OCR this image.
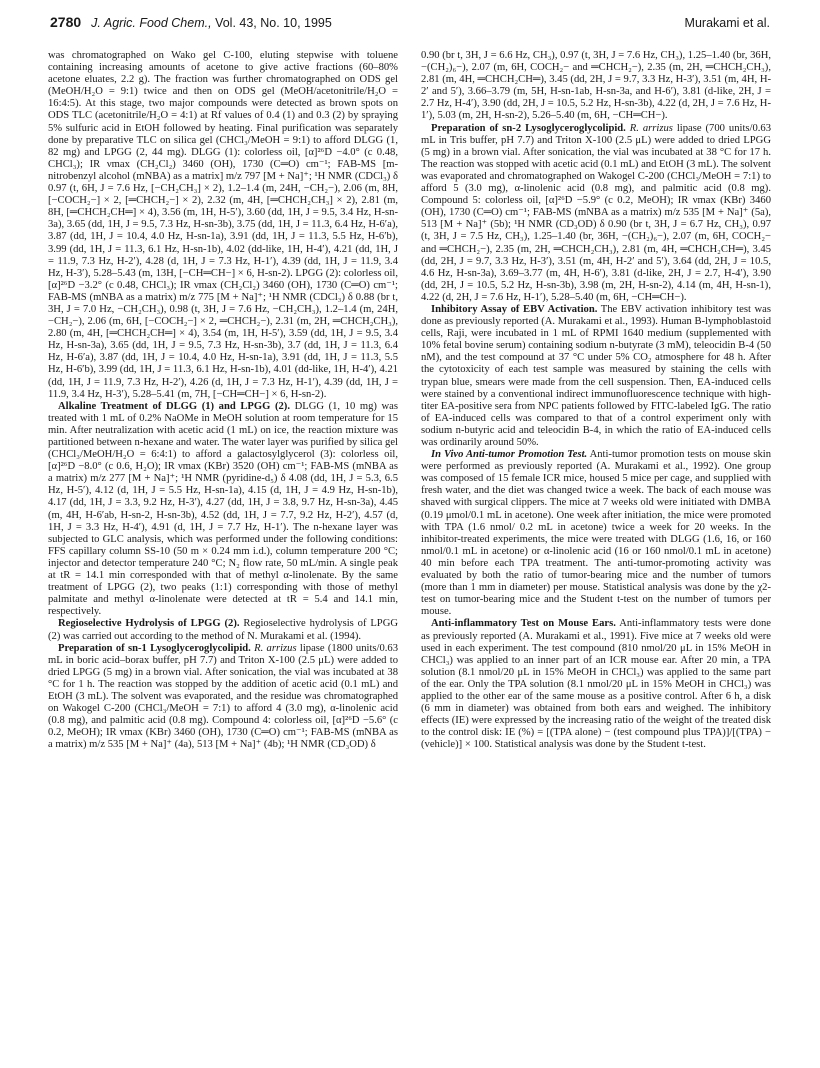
2780 J. Agric. Food Chem., Vol. 43, No. 10, 1995	Murakami et al.

was chromatographed on Wako gel C-100, eluting stepwise with toluene containing increasing amounts of acetone to give active fractions (60–80% acetone eluates, 2.2 g). The fraction was further chromatographed on ODS gel (MeOH/H₂O = 9:1) twice and then on ODS gel (MeOH/acetonitrile/H₂O = 16:4:5). At this stage, two major compounds were detected as brown spots on ODS TLC (acetonitrile/H₂O = 4:1) at Rf values of 0.4 (1) and 0.3 (2) by spraying 5% sulfuric acid in EtOH followed by heating. Final purification was separately done by preparative TLC on silica gel (CHCl₃/MeOH = 9:1) to afford DLGG (1, 82 mg) and LPGG (2, 44 mg). DLGG (1): colorless oil, [α]²⁶D −4.0° (c 0.48, CHCl₃); IR νmax (CH₂Cl₂) 3460 (OH), 1730 (C═O) cm⁻¹; FAB-MS [m-nitrobenzyl alcohol (mNBA) as a matrix] m/z 797 [M + Na]⁺; ¹H NMR (CDCl₃) δ 0.97 (t, 6H, J = 7.6 Hz, [−CH₂CH₃] × 2), 1.2–1.4 (m, 24H, −CH₂−), 2.06 (m, 8H, [−COCH₂−] × 2, [═CHCH₂−] × 2), 2.32 (m, 4H, [═CHCH₂CH₃] × 2), 2.81 (m, 8H, [═CHCH₂CH═] × 4), 3.56 (m, 1H, H-5′), 3.60 (dd, 1H, J = 9.5, 3.4 Hz, H-sn-3a), 3.65 (dd, 1H, J = 9.5, 7.3 Hz, H-sn-3b), 3.75 (dd, 1H, J = 11.3, 6.4 Hz, H-6′a), 3.87 (dd, 1H, J = 10.4, 4.0 Hz, H-sn-1a), 3.91 (dd, 1H, J = 11.3, 5.5 Hz, H-6′b), 3.99 (dd, 1H, J = 11.3, 6.1 Hz, H-sn-1b), 4.02 (dd-like, 1H, H-4′), 4.21 (dd, 1H, J = 11.9, 7.3 Hz, H-2′), 4.28 (d, 1H, J = 7.3 Hz, H-1′), 4.39 (dd, 1H, J = 11.9, 3.4 Hz, H-3′), 5.28–5.43 (m, 13H, [−CH═CH−] × 6, H-sn-2). LPGG (2): colorless oil, [α]²⁶D −3.2° (c 0.48, CHCl₃); IR νmax (CH₂Cl₂) 3460 (OH), 1730 (C═O) cm⁻¹; FAB-MS (mNBA as a matrix) m/z 775 [M + Na]⁺; ¹H NMR (CDCl₃) δ 0.88 (br t, 3H, J = 7.0 Hz, −CH₂CH₃), 0.98 (t, 3H, J = 7.6 Hz, −CH₂CH₃), 1.2–1.4 (m, 24H, −CH₂−), 2.06 (m, 6H, [−COCH₂−] × 2, ═CHCH₂−), 2.31 (m, 2H, ═CHCH₂CH₃), 2.80 (m, 4H, [═CHCH₂CH═] × 4), 3.54 (m, 1H, H-5′), 3.59 (dd, 1H, J = 9.5, 3.4 Hz, H-sn-3a), 3.65 (dd, 1H, J = 9.5, 7.3 Hz, H-sn-3b), 3.7 (dd, 1H, J = 11.3, 6.4 Hz, H-6′a), 3.87 (dd, 1H, J = 10.4, 4.0 Hz, H-sn-1a), 3.91 (dd, 1H, J = 11.3, 5.5 Hz, H-6′b), 3.99 (dd, 1H, J = 11.3, 6.1 Hz, H-sn-1b), 4.01 (dd-like, 1H, H-4′), 4.21 (dd, 1H, J = 11.9, 7.3 Hz, H-2′), 4.26 (d, 1H, J = 7.3 Hz, H-1′), 4.39 (dd, 1H, J = 11.9, 3.4 Hz, H-3′), 5.28–5.41 (m, 7H, [−CH═CH−] × 6, H-sn-2).

Alkaline Treatment of DLGG (1) and LPGG (2). DLGG (1, 10 mg) was treated with 1 mL of 0.2% NaOMe in MeOH solution at room temperature for 15 min. After neutralization with acetic acid (1 mL) on ice, the reaction mixture was partitioned between n-hexane and water. The water layer was purified by silica gel (CHCl₃/MeOH/H₂O = 6:4:1) to afford a galactosylglycerol (3): colorless oil, [α]²⁶D −8.0° (c 0.6, H₂O); IR νmax (KBr) 3520 (OH) cm⁻¹; FAB-MS (mNBA as a matrix) m/z 277 [M + Na]⁺; ¹H NMR (pyridine-d₅) δ 4.08 (dd, 1H, J = 5.3, 6.5 Hz, H-5′), 4.12 (d, 1H, J = 5.5 Hz, H-sn-1a), 4.15 (d, 1H, J = 4.9 Hz, H-sn-1b), 4.17 (dd, 1H, J = 3.3, 9.2 Hz, H-3′), 4.27 (dd, 1H, J = 3.8, 9.7 Hz, H-sn-3a), 4.45 (m, 4H, H-6′ab, H-sn-2, H-sn-3b), 4.52 (dd, 1H, J = 7.7, 9.2 Hz, H-2′), 4.57 (d, 1H, J = 3.3 Hz, H-4′), 4.91 (d, 1H, J = 7.7 Hz, H-1′). The n-hexane layer was subjected to GLC analysis, which was performed under the following conditions: FFS capillary column SS-10 (50 m × 0.24 mm i.d.), column temperature 200 °C; injector and detector temperature 240 °C; N₂ flow rate, 50 mL/min. A single peak at tR = 14.1 min corresponded with that of methyl α-linolenate. By the same treatment of LPGG (2), two peaks (1:1) corresponding with those of methyl palmitate and methyl α-linolenate were detected at tR = 5.4 and 14.1 min, respectively.

Regioselective Hydrolysis of LPGG (2). Regioselective hydrolysis of LPGG (2) was carried out according to the method of N. Murakami et al. (1994).

Preparation of sn-1 Lysoglyceroglycolipid. R. arrizus lipase (1800 units/0.63 mL in boric acid–borax buffer, pH 7.7) and Triton X-100 (2.5 μL) were added to dried LPGG (5 mg) in a brown vial. After sonication, the vial was incubated at 38 °C for 1 h. The reaction was stopped by the addition of acetic acid (0.1 mL) and EtOH (3 mL). The solvent was evaporated, and the residue was chromatographed on Wakogel C-200 (CHCl₃/MeOH = 7:1) to afford 4 (3.0 mg), α-linolenic acid (0.8 mg), and palmitic acid (0.8 mg). Compound 4: colorless oil, [α]²⁶D −5.6° (c 0.2, MeOH); IR νmax (KBr) 3460 (OH), 1730 (C═O) cm⁻¹; FAB-MS (mNBA as a matrix) m/z 535 [M + Na]⁺ (4a), 513 [M + Na]⁺ (4b); ¹H NMR (CD₃OD) δ

0.90 (br t, 3H, J = 6.6 Hz, CH₃), 0.97 (t, 3H, J = 7.6 Hz, CH₃), 1.25–1.40 (br, 36H, −(CH₂)₆−), 2.07 (m, 6H, COCH₂− and ═CHCH₂−), 2.35 (m, 2H, ═CHCH₂CH₃), 2.81 (m, 4H, ═CHCH₂CH═), 3.45 (dd, 2H, J = 9.7, 3.3 Hz, H-3′), 3.51 (m, 4H, H-2′ and 5′), 3.66–3.79 (m, 5H, H-sn-1ab, H-sn-3a, and H-6′), 3.81 (d-like, 2H, J = 2.7 Hz, H-4′), 3.90 (dd, 2H, J = 10.5, 5.2 Hz, H-sn-3b), 4.22 (d, 2H, J = 7.6 Hz, H-1′), 5.03 (m, 2H, H-sn-2), 5.26–5.40 (m, 6H, −CH═CH−).

Preparation of sn-2 Lysoglyceroglycolipid. R. arrizus lipase (700 units/0.63 mL in Tris buffer, pH 7.7) and Triton X-100 (2.5 μL) were added to dried LPGG (5 mg) in a brown vial. After sonication, the vial was incubated at 38 °C for 17 h. The reaction was stopped with acetic acid (0.1 mL) and EtOH (3 mL). The solvent was evaporated and chromatographed on Wakogel C-200 (CHCl₃/MeOH = 7:1) to afford 5 (3.0 mg), α-linolenic acid (0.8 mg), and palmitic acid (0.8 mg). Compound 5: colorless oil, [α]²⁶D −5.9° (c 0.2, MeOH); IR νmax (KBr) 3460 (OH), 1730 (C═O) cm⁻¹; FAB-MS (mNBA as a matrix) m/z 535 [M + Na]⁺ (5a), 513 [M + Na]⁺ (5b); ¹H NMR (CD₃OD) δ 0.90 (br t, 3H, J = 6.7 Hz, CH₃), 0.97 (t, 3H, J = 7.5 Hz, CH₃), 1.25–1.40 (br, 36H, −(CH₂)₆−), 2.07 (m, 6H, COCH₂− and ═CHCH₂−), 2.35 (m, 2H, ═CHCH₂CH₃), 2.81 (m, 4H, ═CHCH₂CH═), 3.45 (dd, 2H, J = 9.7, 3.3 Hz, H-3′), 3.51 (m, 4H, H-2′ and 5′), 3.64 (dd, 2H, J = 10.5, 4.6 Hz, H-sn-3a), 3.69–3.77 (m, 4H, H-6′), 3.81 (d-like, 2H, J = 2.7, H-4′), 3.90 (dd, 2H, J = 10.5, 5.2 Hz, H-sn-3b), 3.98 (m, 2H, H-sn-2), 4.14 (m, 4H, H-sn-1), 4.22 (d, 2H, J = 7.6 Hz, H-1′), 5.28–5.40 (m, 6H, −CH═CH−).

Inhibitory Assay of EBV Activation. The EBV activation inhibitory test was done as previously reported (A. Murakami et al., 1993). Human B-lymphoblastoid cells, Raji, were incubated in 1 mL of RPMI 1640 medium (supplemented with 10% fetal bovine serum) containing sodium n-butyrate (3 mM), teleocidin B-4 (50 nM), and the test compound at 37 °C under 5% CO₂ atmosphere for 48 h. After the cytotoxicity of each test sample was measured by staining the cells with trypan blue, smears were made from the cell suspension. Then, EA-induced cells were stained by a conventional indirect immunofluorescence technique with high-titer EA-positive sera from NPC patients followed by FITC-labeled IgG. The ratio of EA-induced cells was compared to that of a control experiment only with sodium n-butyric acid and teleocidin B-4, in which the ratio of EA-induced cells was ordinarily around 50%.

In Vivo Anti-tumor Promotion Test. Anti-tumor promotion tests on mouse skin were performed as previously reported (A. Murakami et al., 1992). One group was composed of 15 female ICR mice, housed 5 mice per cage, and supplied with fresh water, and the diet was changed twice a week. The back of each mouse was shaved with surgical clippers. The mice at 7 weeks old were initiated with DMBA (0.19 μmol/0.1 mL in acetone). One week after initiation, the mice were promoted with TPA (1.6 nmol/ 0.2 mL in acetone) twice a week for 20 weeks. In the inhibitor-treated experiments, the mice were treated with DLGG (1.6, 16, or 160 nmol/0.1 mL in acetone) or α-linolenic acid (16 or 160 nmol/0.1 mL in acetone) 40 min before each TPA treatment. The anti-tumor-promoting activity was evaluated by both the ratio of tumor-bearing mice and the number of tumors (more than 1 mm in diameter) per mouse. Statistical analysis was done by the χ2-test on tumor-bearing mice and the Student t-test on the number of tumors per mouse.

Anti-inflammatory Test on Mouse Ears. Anti-inflammatory tests were done as previously reported (A. Murakami et al., 1991). Five mice at 7 weeks old were used in each experiment. The test compound (810 nmol/20 μL in 15% MeOH in CHCl₃) was applied to an inner part of an ICR mouse ear. After 20 min, a TPA solution (8.1 nmol/20 μL in 15% MeOH in CHCl₃) was applied to the same part of the ear. Only the TPA solution (8.1 nmol/20 μL in 15% MeOH in CHCl₃) was applied to the other ear of the same mouse as a positive control. After 6 h, a disk (6 mm in diameter) was obtained from both ears and weighed. The inhibitory effects (IE) were expressed by the increasing ratio of the weight of the treated disk to the control disk: IE (%) = [(TPA alone) − (test compound plus TPA)]/[(TPA) − (vehicle)] × 100. Statistical analysis was done by the Student t-test.
